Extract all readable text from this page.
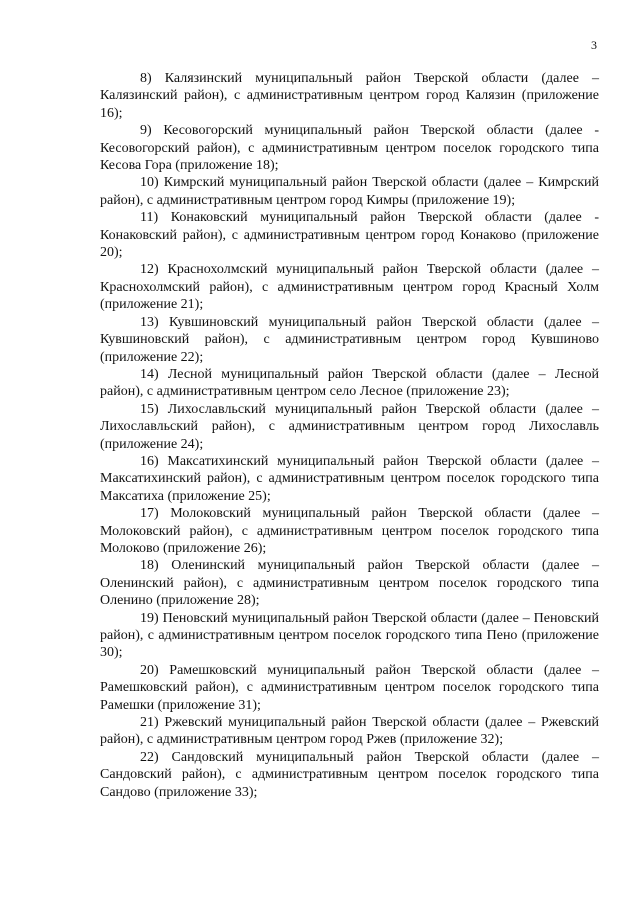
3

8) Калязинский муниципальный район Тверской области (далее – Калязинский район), с административным центром город Калязин (приложение 16);

9) Кесовогорский муниципальный район Тверской области (далее - Кесовогорский район), с административным центром поселок городского типа Кесова Гора (приложение 18);

10) Кимрский муниципальный район Тверской области (далее – Кимрский район), с административным центром город Кимры (приложение 19);

11) Конаковский муниципальный район Тверской области (далее - Конаковский район), с административным центром город Конаково (приложение 20);

12) Краснохолмский муниципальный район Тверской области (далее – Краснохолмский район), с административным центром город Красный Холм (приложение 21);

13) Кувшиновский муниципальный район Тверской области (далее – Кувшиновский район), с административным центром город Кувшиново (приложение 22);

14) Лесной муниципальный район Тверской области (далее – Лесной район), с административным центром село Лесное (приложение 23);

15) Лихославльский муниципальный район Тверской области (далее – Лихославльский район), с административным центром город Лихославль (приложение 24);

16) Максатихинский муниципальный район Тверской области (далее – Максатихинский район), с административным центром поселок городского типа Максатиха (приложение 25);

17) Молоковский муниципальный район Тверской области (далее – Молоковский район), с административным центром поселок городского типа Молоково (приложение 26);

18) Оленинский муниципальный район Тверской области (далее – Оленинский район), с административным центром поселок городского типа Оленино (приложение 28);

19) Пеновский муниципальный район Тверской области (далее – Пеновский район), с административным центром поселок городского типа Пено (приложение 30);

20) Рамешковский муниципальный район Тверской области (далее – Рамешковский район), с административным центром поселок городского типа Рамешки (приложение 31);

21) Ржевский муниципальный район Тверской области (далее – Ржевский район), с административным центром город Ржев (приложение 32);

22) Сандовский муниципальный район Тверской области (далее – Сандовский район), с административным центром поселок городского типа Сандово (приложение 33);
